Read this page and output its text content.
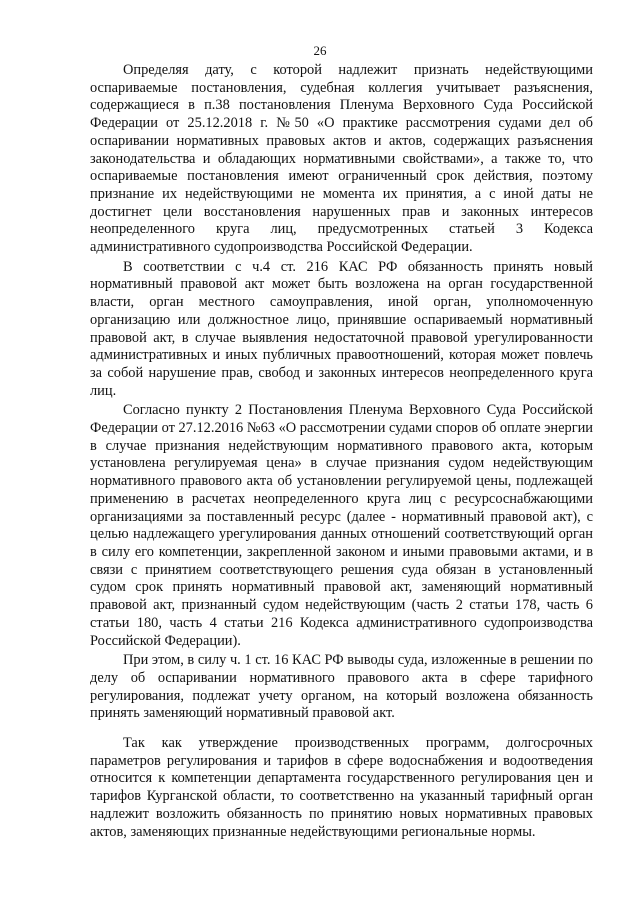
26

Определяя дату, с которой надлежит признать недействующими оспариваемые постановления, судебная коллегия учитывает разъяснения, содержащиеся в п.38 постановления Пленума Верховного Суда Российской Федерации от 25.12.2018 г. №50 «О практике рассмотрения судами дел об оспаривании нормативных правовых актов и актов, содержащих разъяснения законодательства и обладающих нормативными свойствами», а также то, что оспариваемые постановления имеют ограниченный срок действия, поэтому признание их недействующими не момента их принятия, а с иной даты не достигнет цели восстановления нарушенных прав и законных интересов неопределенного круга лиц, предусмотренных статьей 3 Кодекса административного судопроизводства Российской Федерации.

В соответствии с ч.4 ст. 216 КАС РФ обязанность принять новый нормативный правовой акт может быть возложена на орган государственной власти, орган местного самоуправления, иной орган, уполномоченную организацию или должностное лицо, принявшие оспариваемый нормативный правовой акт, в случае выявления недостаточной правовой урегулированности административных и иных публичных правоотношений, которая может повлечь за собой нарушение прав, свобод и законных интересов неопределенного круга лиц.

Согласно пункту 2 Постановления Пленума Верховного Суда Российской Федерации от 27.12.2016 №63 «О рассмотрении судами споров об оплате энергии в случае признания недействующим нормативного правового акта, которым установлена регулируемая цена» в случае признания судом недействующим нормативного правового акта об установлении регулируемой цены, подлежащей применению в расчетах неопределенного круга лиц с ресурсоснабжающими организациями за поставленный ресурс (далее - нормативный правовой акт), с целью надлежащего урегулирования данных отношений соответствующий орган в силу его компетенции, закрепленной законом и иными правовыми актами, и в связи с принятием соответствующего решения суда обязан в установленный судом срок принять нормативный правовой акт, заменяющий нормативный правовой акт, признанный судом недействующим (часть 2 статьи 178, часть 6 статьи 180, часть 4 статьи 216 Кодекса административного судопроизводства Российской Федерации).

При этом, в силу ч. 1 ст. 16 КАС РФ выводы суда, изложенные в решении по делу об оспаривании нормативного правового акта в сфере тарифного регулирования, подлежат учету органом, на который возложена обязанность принять заменяющий нормативный правовой акт.

Так как утверждение производственных программ, долгосрочных параметров регулирования и тарифов в сфере водоснабжения и водоотведения относится к компетенции департамента государственного регулирования цен и тарифов Курганской области, то соответственно на указанный тарифный орган надлежит возложить обязанность по принятию новых нормативных правовых актов, заменяющих признанные недействующими региональные нормы.
